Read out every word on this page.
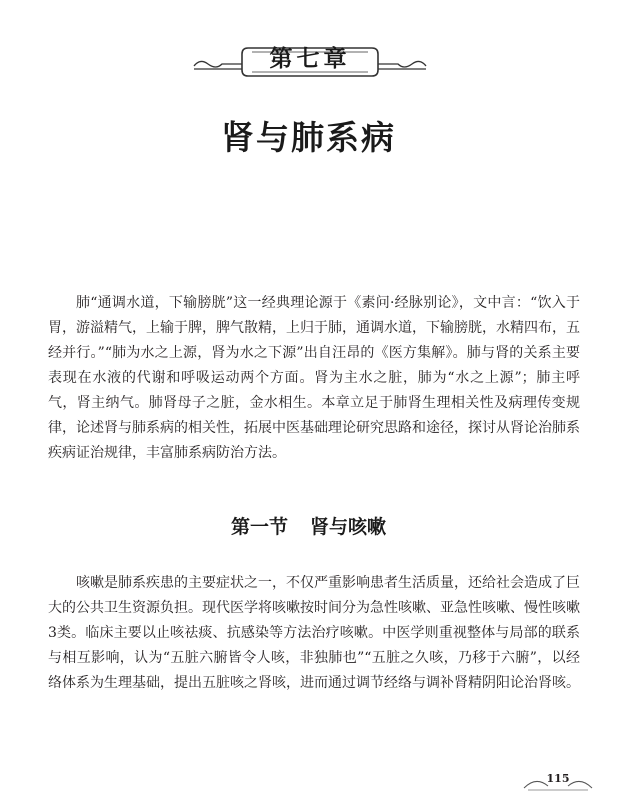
第七章
肾与肺系病

肺“通调水道，下输膀胱”这一经典理论源于《素问·经脉别论》，文中言：“饮入于胃，游溢精气，上输于脾，脾气散精，上归于肺，通调水道，下输膀胱，水精四布，五经并行。”“肺为水之上源，肾为水之下源”出自汪昂的《医方集解》。肺与肾的关系主要表现在水液的代谢和呼吸运动两个方面。肾为主水之脏，肺为“水之上源”；肺主呼气，肾主纳气。肺肾母子之脏，金水相生。本章立足于肺肾生理相关性及病理传变规律，论述肾与肺系病的相关性，拓展中医基础理论研究思路和途径，探讨从肾论治肺系疾病证治规律，丰富肺系病防治方法。

第一节 肾与咳嗽

咳嗽是肺系疾患的主要症状之一，不仅严重影响患者生活质量，还给社会造成了巨大的公共卫生资源负担。现代医学将咳嗽按时间分为急性咳嗽、亚急性咳嗽、慢性咳嗽3类。临床主要以止咳祛痰、抗感染等方法治疗咳嗽。中医学则重视整体与局部的联系与相互影响，认为“五脏六腑皆令人咳，非独肺也”“五脏之久咳，乃移于六腑”，以经络体系为生理基础，提出五脏咳之肾咳，进而通过调节经络与调补肾精阴阳论治肾咳。

115
